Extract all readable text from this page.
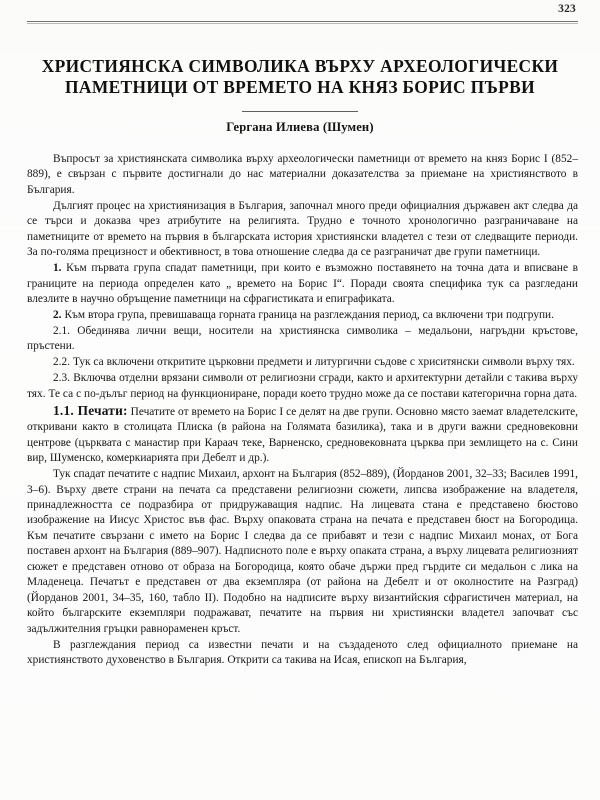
323
ХРИСТИЯНСКА СИМВОЛИКА ВЪРХУ АРХЕОЛОГИЧЕСКИ
ПАМЕТНИЦИ ОТ ВРЕМЕТО НА КНЯЗ БОРИС ПЪРВИ
Гергана Илиева (Шумен)

Въпросът за християнската символика върху археологически паметници от времето на княз Борис I (852–889), е свързан с първите достигнали до нас материални доказателства за приемане на християнството в България.

Дългият процес на християнизация в България, започнал много преди официалния държавен акт следва да се търси и доказва чрез атрибутите на религията. Трудно е точното хронологично разграничаване на паметниците от времето на първия в българската история християнски владетел с тези от следващите периоди. За по-голяма прецизност и обективност, в това отношение следва да се разграничат две групи паметници.

1. Към първата група спадат паметници, при които е възможно поставянето на точна дата и вписване в границите на периода определен като „ времето на Борис I“. Поради своята специфика тук са разгледани влезлите в научно обръщение паметници на сфрагистиката и епиграфиката.

2. Към втора група, превишаваща горната граница на разглеждания период, са включени три подгрупи.

2.1. Обединява лични вещи, носители на християнска символика – медальони, нагръдни кръстове, пръстени.

2.2. Тук са включени откритите църковни предмети и литургични съдове с хриситянски символи върху тях.

2.3. Включва отделни врязани символи от религиозни сгради, както и архитектурни детайли с такива върху тях. Те са с по-дълъг период на функциониране, поради което трудно може да се постави категорична горна дата.

1.1. Печати: Печатите от времето на Борис I се делят на две групи. Основно място заемат владетелските, откривани както в столицата Плиска (в района на Голямата базилика), така и в други важни средновековни центрове (църквата с манастир при Караач теке, Варненско, средновековната църква при землището на с. Сини вир, Шуменско, комеркиарията при Дебелт и др.).

Тук спадат печатите с надпис Михаил, архонт на България (852–889), (Йорданов 2001, 32–33; Василев 1991, 3–6). Върху двете страни на печата са представени религиозни сюжети, липсва изображение на владетеля, принадлежността се подразбира от придружаващия надпис. На лицевата стана е представено бюстово изображение на Иисус Христос във фас. Върху опаковата страна на печата е представен бюст на Богородица. Към печатите свързани с името на Борис I следва да се прибавят и тези с надпис Михаил монах, от Бога поставен архонт на България (889–907). Надписното поле е върху опаката страна, а върху лицевата религиозният сюжет е представен отново от образа на Богородица, която обаче държи пред гърдите си медальон с лика на Младенеца. Печатът е представен от два екземпляра (от района на Дебелт и от околностите на Разград) (Йорданов 2001, 34–35, 160, табло II). Подобно на надписите върху византийския сфрагистичен материал, на който българските екземпляри подражават, печатите на първия ни християнски владетел започват със задължителния гръцки равнораменен кръст.

В разглеждания период са известни печати и на създаденото след официалното приемане на християнството духовенство в България. Открити са такива на Исая, епископ на България,
